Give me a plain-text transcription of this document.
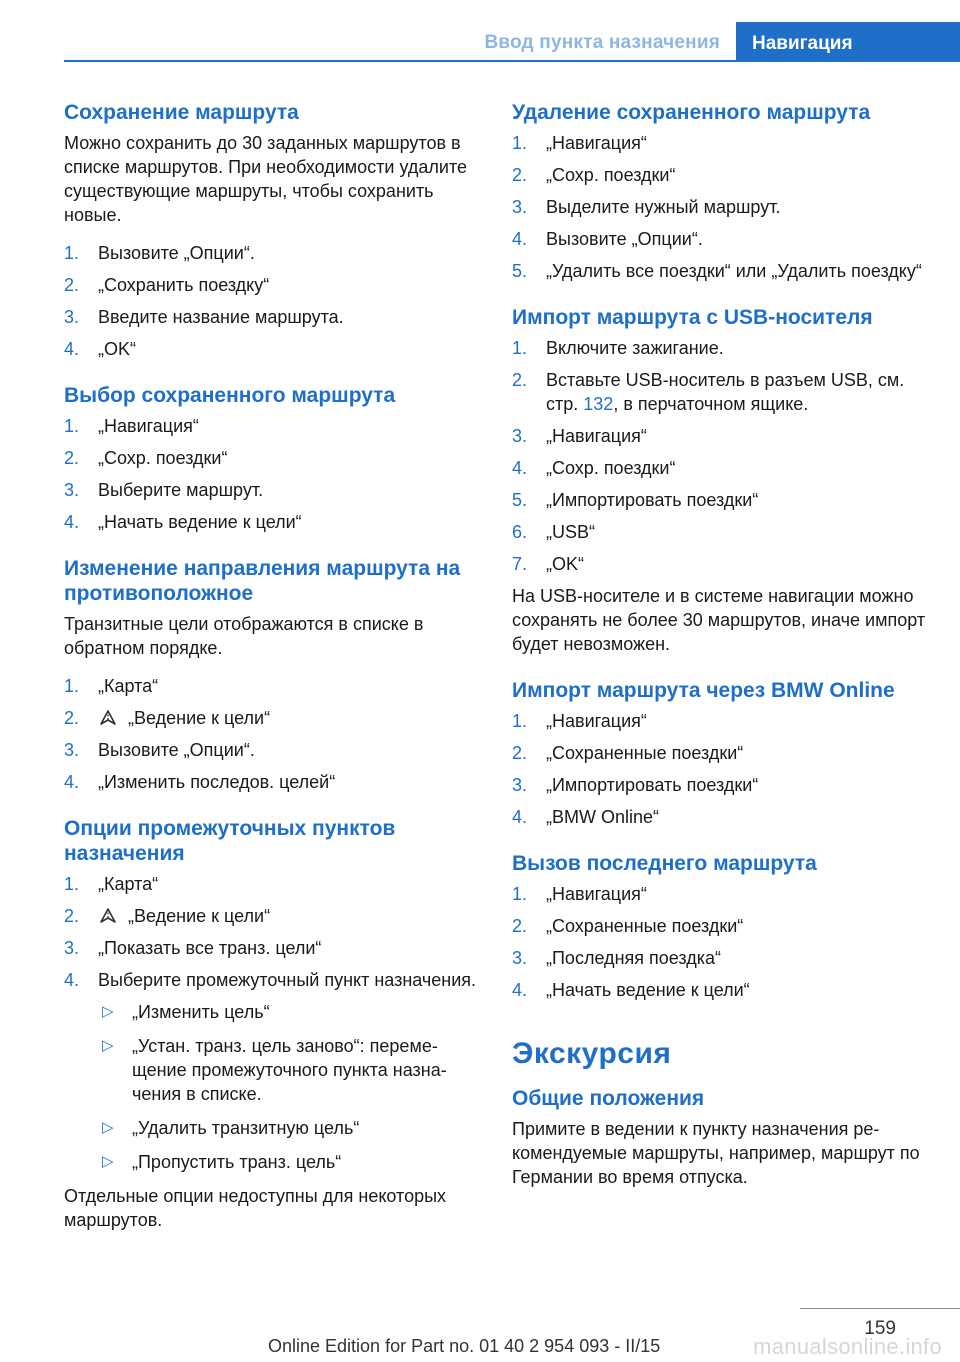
Ввод пункта назначения	Навигация
Сохранение маршрута

Можно сохранить до 30 заданных маршрутов в списке маршрутов. При необходимости удалите существующие маршруты, чтобы сохранить новые.

1. Вызовите „Опции“.
2. „Сохранить поездку“
3. Введите название маршрута.
4. „OK“
Выбор сохраненного маршрута
1. „Навигация“
2. „Сохр. поездки“
3. Выберите маршрут.
4. „Начать ведение к цели“
Изменение направления маршрута на противоположное

Транзитные цели отображаются в списке в обратном порядке.

1. „Карта“
2.	„Ведение к цели“
3. Вызовите „Опции“.
4. „Изменить последов. целей“
Опции промежуточных пунктов назначения
1. „Карта“
2.	„Ведение к цели“
3. „Показать все транз. цели“
4. Выберите промежуточный пункт назначения.
▷ „Изменить цель“
▷ „Устан. транз. цель заново“: перемещение промежуточного пункта назначения в списке.
▷ „Удалить транзитную цель“
▷ „Пропустить транз. цель“

Отдельные опции недоступны для некоторых маршрутов.

Удаление сохраненного маршрута
1. „Навигация“
2. „Сохр. поездки“
3. Выделите нужный маршрут.
4. Вызовите „Опции“.
5. „Удалить все поездки“ или „Удалить поездку“
Импорт маршрута с USB-носителя
1. Включите зажигание.
2. Вставьте USB-носитель в разъем USB, см. стр. 132, в перчаточном ящике.
3. „Навигация“
4. „Сохр. поездки“
5. „Импортировать поездки“
6. „USB“
7. „OK“

На USB-носителе и в системе навигации можно сохранять не более 30 маршрутов, иначе импорт будет невозможен.

Импорт маршрута через BMW Online
1. „Навигация“
2. „Сохраненные поездки“
3. „Импортировать поездки“
4. „BMW Online“
Вызов последнего маршрута
1. „Навигация“
2. „Сохраненные поездки“
3. „Последняя поездка“
4. „Начать ведение к цели“
Экскурсия
Общие положения

Примите в ведении к пункту назначения рекомендуемые маршруты, например, маршрут по Германии во время отпуска.

159
Online Edition for Part no. 01 40 2 954 093 - II/15	manualsonline.info
